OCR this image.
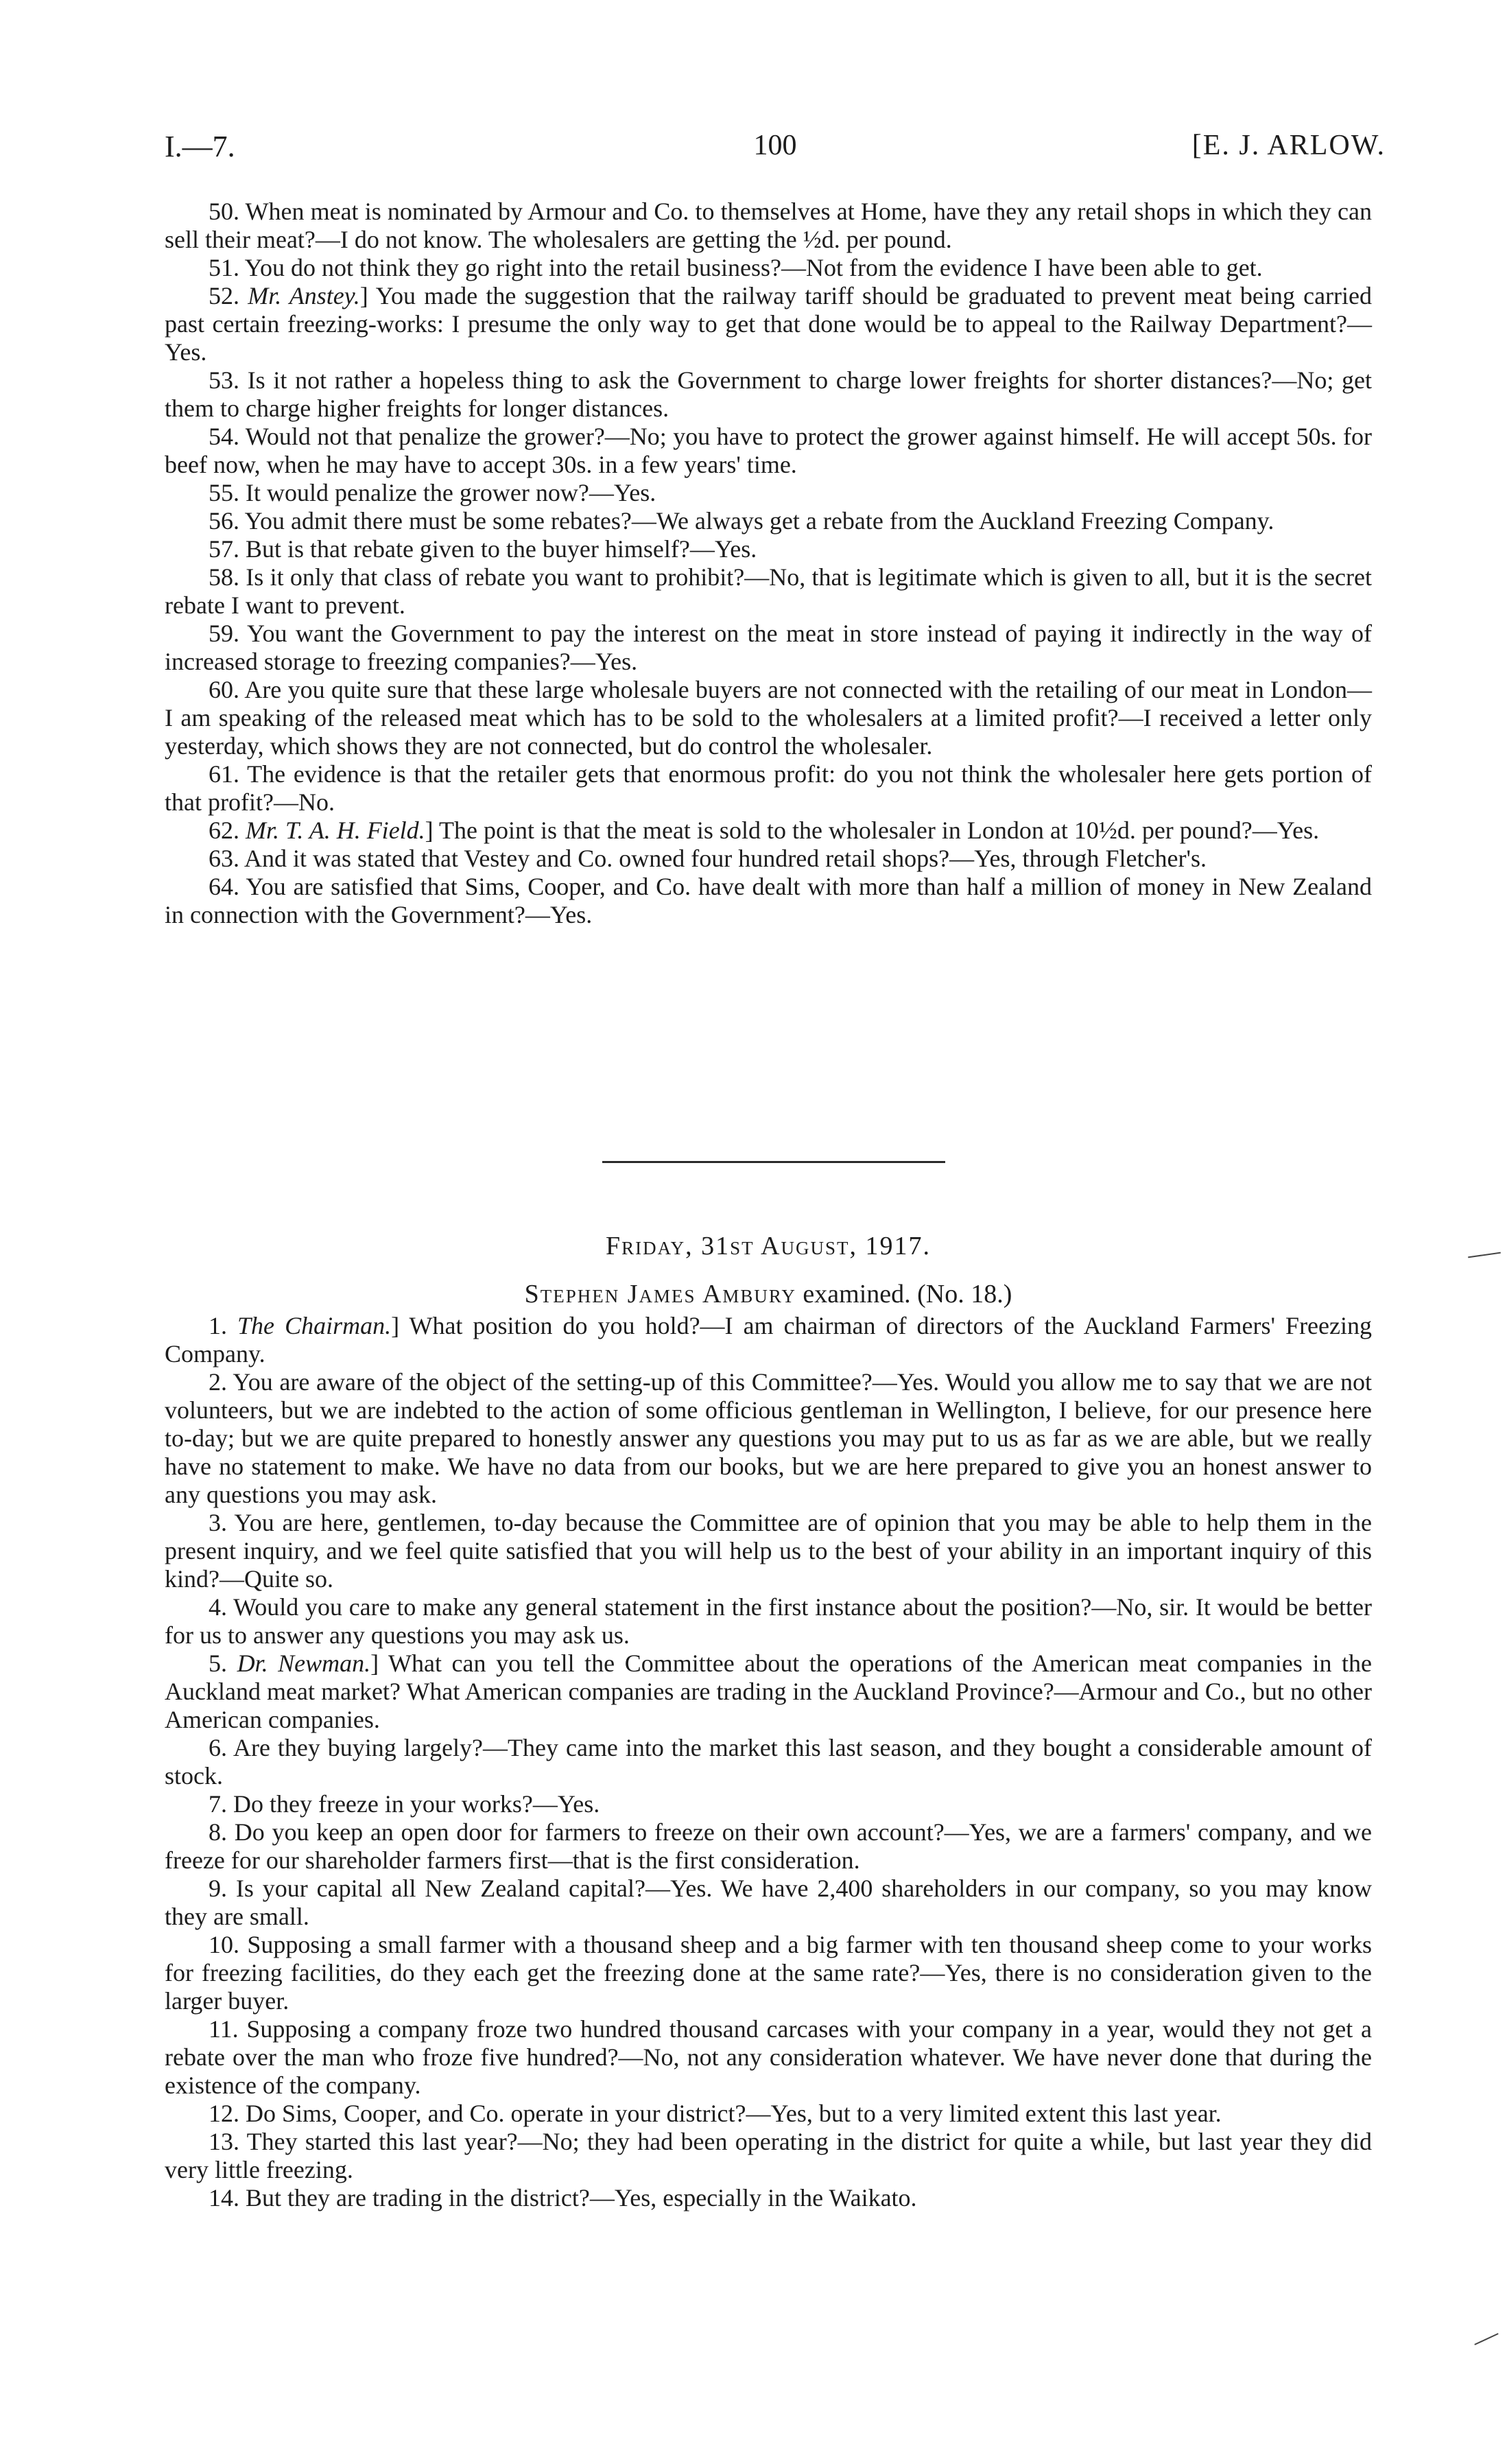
I.—7.	100	[E. J. ARLOW.

50. When meat is nominated by Armour and Co. to themselves at Home, have they any retail shops in which they can sell their meat?—I do not know. The wholesalers are getting the ½d. per pound.

51. You do not think they go right into the retail business?—Not from the evidence I have been able to get.

52. Mr. Anstey.] You made the suggestion that the railway tariff should be graduated to prevent meat being carried past certain freezing-works: I presume the only way to get that done would be to appeal to the Railway Department?—Yes.

53. Is it not rather a hopeless thing to ask the Government to charge lower freights for shorter distances?—No; get them to charge higher freights for longer distances.

54. Would not that penalize the grower?—No; you have to protect the grower against himself. He will accept 50s. for beef now, when he may have to accept 30s. in a few years' time.

55. It would penalize the grower now?—Yes.

56. You admit there must be some rebates?—We always get a rebate from the Auckland Freezing Company.

57. But is that rebate given to the buyer himself?—Yes.

58. Is it only that class of rebate you want to prohibit?—No, that is legitimate which is given to all, but it is the secret rebate I want to prevent.

59. You want the Government to pay the interest on the meat in store instead of paying it indirectly in the way of increased storage to freezing companies?—Yes.

60. Are you quite sure that these large wholesale buyers are not connected with the retailing of our meat in London—I am speaking of the released meat which has to be sold to the wholesalers at a limited profit?—I received a letter only yesterday, which shows they are not connected, but do control the wholesaler.

61. The evidence is that the retailer gets that enormous profit: do you not think the wholesaler here gets portion of that profit?—No.

62. Mr. T. A. H. Field.] The point is that the meat is sold to the wholesaler in London at 10½d. per pound?—Yes.

63. And it was stated that Vestey and Co. owned four hundred retail shops?—Yes, through Fletcher's.

64. You are satisfied that Sims, Cooper, and Co. have dealt with more than half a million of money in New Zealand in connection with the Government?—Yes.

Friday, 31st August, 1917.
Stephen James Ambury examined. (No. 18.)

1. The Chairman.] What position do you hold?—I am chairman of directors of the Auckland Farmers' Freezing Company.

2. You are aware of the object of the setting-up of this Committee?—Yes. Would you allow me to say that we are not volunteers, but we are indebted to the action of some officious gentleman in Wellington, I believe, for our presence here to-day; but we are quite prepared to honestly answer any questions you may put to us as far as we are able, but we really have no statement to make. We have no data from our books, but we are here prepared to give you an honest answer to any questions you may ask.

3. You are here, gentlemen, to-day because the Committee are of opinion that you may be able to help them in the present inquiry, and we feel quite satisfied that you will help us to the best of your ability in an important inquiry of this kind?—Quite so.

4. Would you care to make any general statement in the first instance about the position?—No, sir. It would be better for us to answer any questions you may ask us.

5. Dr. Newman.] What can you tell the Committee about the operations of the American meat companies in the Auckland meat market? What American companies are trading in the Auckland Province?—Armour and Co., but no other American companies.

6. Are they buying largely?—They came into the market this last season, and they bought a considerable amount of stock.

7. Do they freeze in your works?—Yes.

8. Do you keep an open door for farmers to freeze on their own account?—Yes, we are a farmers' company, and we freeze for our shareholder farmers first—that is the first consideration.

9. Is your capital all New Zealand capital?—Yes. We have 2,400 shareholders in our company, so you may know they are small.

10. Supposing a small farmer with a thousand sheep and a big farmer with ten thousand sheep come to your works for freezing facilities, do they each get the freezing done at the same rate?—Yes, there is no consideration given to the larger buyer.

11. Supposing a company froze two hundred thousand carcases with your company in a year, would they not get a rebate over the man who froze five hundred?—No, not any consideration whatever. We have never done that during the existence of the company.

12. Do Sims, Cooper, and Co. operate in your district?—Yes, but to a very limited extent this last year.

13. They started this last year?—No; they had been operating in the district for quite a while, but last year they did very little freezing.

14. But they are trading in the district?—Yes, especially in the Waikato.
